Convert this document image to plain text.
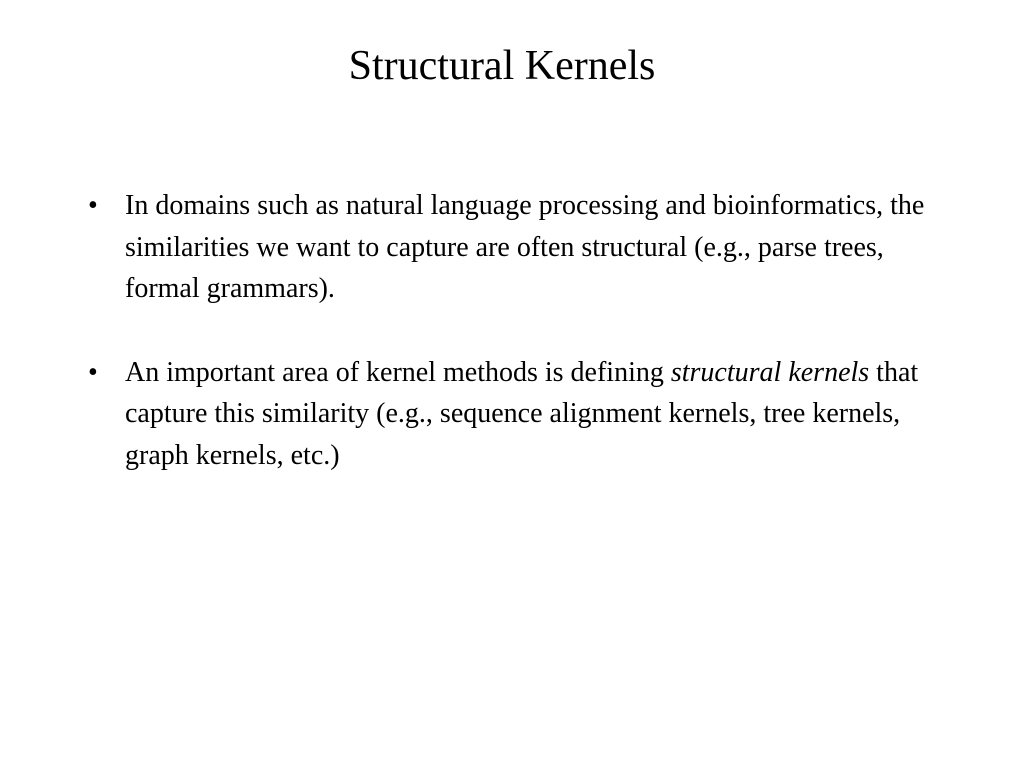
Structural Kernels
• In domains such as natural language processing and bioinformatics, the similarities we want to capture are often structural (e.g., parse trees, formal grammars).
• An important area of kernel methods is defining structural kernels that capture this similarity (e.g., sequence alignment kernels, tree kernels, graph kernels, etc.)
